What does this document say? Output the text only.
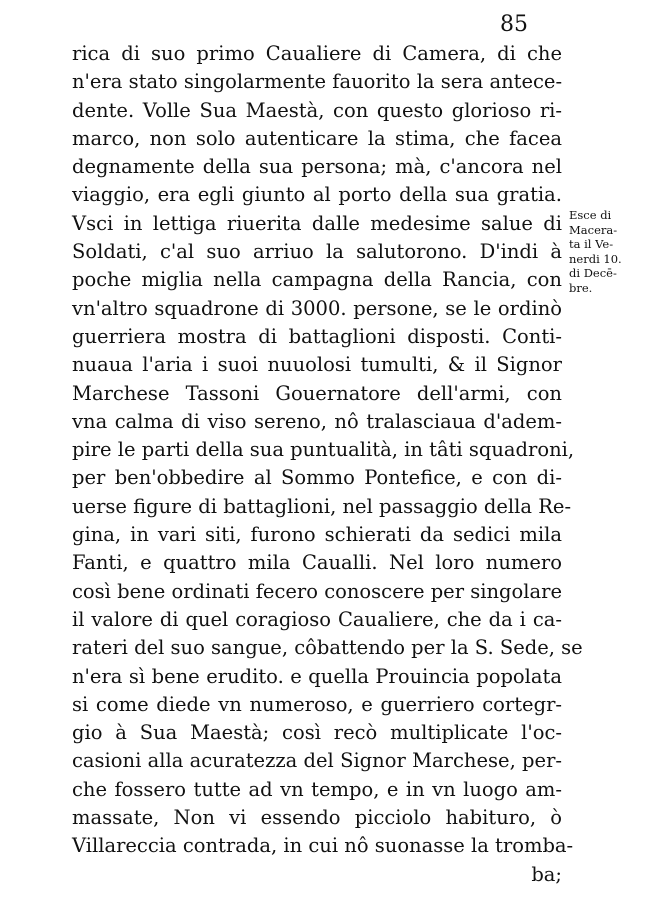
85
rica di suo primo Caualiere di Camera, di che
n'era stato singolarmente fauorito la sera antece-
dente. Volle Sua Maestà, con questo glorioso ri-
marco, non solo autenticare la stima, che facea
degnamente della sua persona; mà, c'ancora nel
viaggio, era egli giunto al porto della sua gratia.
Vsci in lettiga riuerita dalle medesime salue di
Soldati, c'al suo arriuo la salutorono. D'indi à
poche miglia nella campagna della Rancia, con
vn'altro squadrone di 3000. persone, se le ordinò
guerriera mostra di battaglioni disposti. Conti-
nuaua l'aria i suoi nuuolosi tumulti, & il Signor
Marchese Tassoni Gouernatore dell'armi, con
vna calma di viso sereno, nô tralasciaua d'adem-
pire le parti della sua puntualità, in tâti squadroni,
per ben'obbedire al Sommo Pontefice, e con di-
uerse figure di battaglioni, nel passaggio della Re-
gina, in vari siti, furono schierati da sedici mila
Fanti, e quattro mila Caualli. Nel loro numero
così bene ordinati fecero conoscere per singolare
il valore di quel coragioso Caualiere, che da i ca-
rateri del suo sangue, côbattendo per la S. Sede, se
n'era sì bene erudito. e quella Prouincia popolata
si come diede vn numeroso, e guerriero cortegr-
gio à Sua Maestà; così recò multiplicate l'oc-
casioni alla acuratezza del Signor Marchese, per-
che fossero tutte ad vn tempo, e in vn luogo am-
massate, Non vi essendo picciolo habituro, ò
Villareccia contrada, in cui nô suonasse la tromba-
ba;
Esce di
Macera-
ta il Ve-
nerdi 10.
di Decē-
bre.
